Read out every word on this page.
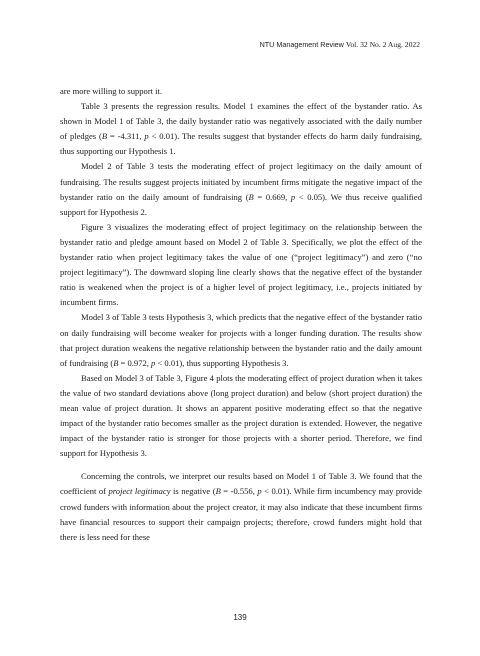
NTU Management Review Vol. 32 No. 2 Aug. 2022

are more willing to support it.

Table 3 presents the regression results. Model 1 examines the effect of the bystander ratio. As shown in Model 1 of Table 3, the daily bystander ratio was negatively associated with the daily number of pledges (B = -4.311, p < 0.01). The results suggest that bystander effects do harm daily fundraising, thus supporting our Hypothesis 1.

Model 2 of Table 3 tests the moderating effect of project legitimacy on the daily amount of fundraising. The results suggest projects initiated by incumbent firms mitigate the negative impact of the bystander ratio on the daily amount of fundraising (B = 0.669, p < 0.05). We thus receive qualified support for Hypothesis 2.

Figure 3 visualizes the moderating effect of project legitimacy on the relationship between the bystander ratio and pledge amount based on Model 2 of Table 3. Specifically, we plot the effect of the bystander ratio when project legitimacy takes the value of one (“project legitimacy”) and zero (“no project legitimacy”). The downward sloping line clearly shows that the negative effect of the bystander ratio is weakened when the project is of a higher level of project legitimacy, i.e., projects initiated by incumbent firms.

Model 3 of Table 3 tests Hypothesis 3, which predicts that the negative effect of the bystander ratio on daily fundraising will become weaker for projects with a longer funding duration. The results show that project duration weakens the negative relationship between the bystander ratio and the daily amount of fundraising (B = 0.972, p < 0.01), thus supporting Hypothesis 3.

Based on Model 3 of Table 3, Figure 4 plots the moderating effect of project duration when it takes the value of two standard deviations above (long project duration) and below (short project duration) the mean value of project duration. It shows an apparent positive moderating effect so that the negative impact of the bystander ratio becomes smaller as the project duration is extended. However, the negative impact of the bystander ratio is stronger for those projects with a shorter period. Therefore, we find support for Hypothesis 3.

Concerning the controls, we interpret our results based on Model 1 of Table 3. We found that the coefficient of project legitimacy is negative (B = -0.556, p < 0.01). While firm incumbency may provide crowd funders with information about the project creator, it may also indicate that these incumbent firms have financial resources to support their campaign projects; therefore, crowd funders might hold that there is less need for these

139
